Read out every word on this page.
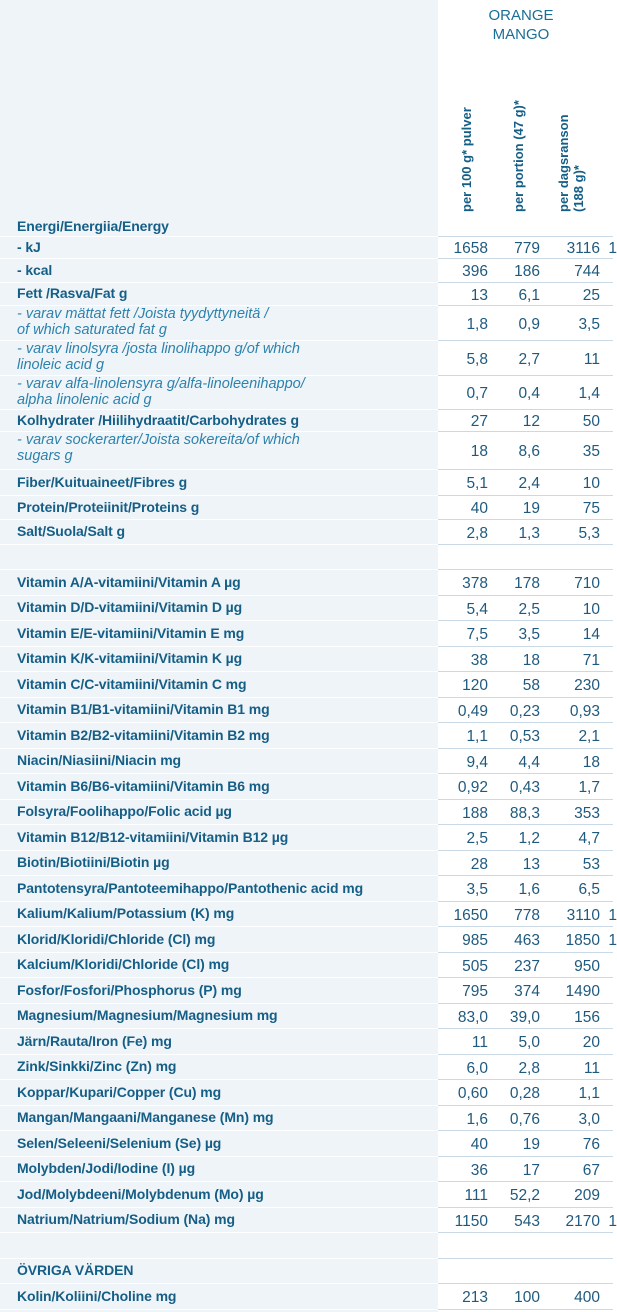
ORANGE
MANGO
per 100 g* pulver	per portion (47 g)* per dagsranson (188 g)*
Energi/Energiia/Energy
- kJ	1658 779 3116 1
- kcal	396 186 744
Fett /Rasva/Fat g	13 6,1	25
- varav mättat fett /Joista tyydyttyneitä /
of which saturated fat g	1,8 0,9 3,5
- varav linolsyra /josta linolihappo g/of which
linoleic acid g	5,8 2,7	11
- varav alfa-linolensyra g/alfa-linoleenihappo/
alpha linolenic acid g	0,7 0,4 1,4
Kolhydrater /Hiilihydraatit/Carbohydrates g	27 12	50
- varav sockerarter/Joista sokereita/of which
sugars g	18 8,6	35
Fiber/Kuituaineet/Fibres g	5,1 2,4	10
Protein/Proteiinit/Proteins g	40 19	75
Salt/Suola/Salt g	2,8 1,3 5,3
Vitamin A/A-vitamiini/Vitamin A µg	378 178 710
Vitamin D/D-vitamiini/Vitamin D µg	5,4 2,5	10
Vitamin E/E-vitamiini/Vitamin E mg	7,5 3,5	14
Vitamin K/K-vitamiini/Vitamin K µg	38 18	71
Vitamin C/C-vitamiini/Vitamin C mg	120 58 230
Vitamin B1/B1-vitamiini/Vitamin B1 mg	0,49 0,23 0,93
Vitamin B2/B2-vitamiini/Vitamin B2 mg	1,1 0,53 2,1
Niacin/Niasiini/Niacin mg	9,4 4,4	18
Vitamin B6/B6-vitamiini/Vitamin B6 mg	0,92 0,43 1,7
Folsyra/Foolihappo/Folic acid µg	188 88,3 353
Vitamin B12/B12-vitamiini/Vitamin B12 µg	2,5 1,2 4,7
Biotin/Biotiini/Biotin µg	28 13	53
Pantotensyra/Pantoteemihappo/Pantothenic acid mg	3,5 1,6 6,5
Kalium/Kalium/Potassium (K) mg	1650 778 3110 1
Klorid/Kloridi/Chloride (Cl) mg	985 463 1850 1
Kalcium/Kloridi/Chloride (Cl) mg	505 237 950
Fosfor/Fosfori/Phosphorus (P) mg	795 374 1490
Magnesium/Magnesium/Magnesium mg	83,0 39,0 156
Järn/Rauta/Iron (Fe) mg	11 5,0	20
Zink/Sinkki/Zinc (Zn) mg	6,0 2,8	11
Koppar/Kupari/Copper (Cu) mg	0,60 0,28 1,1
Mangan/Mangaani/Manganese (Mn) mg	1,6 0,76 3,0
Selen/Seleeni/Selenium (Se) µg	40 19	76
Molybden/Jodi/Iodine (I) µg	36 17	67
Jod/Molybdeeni/Molybdenum (Mo) µg	111 52,2 209
Natrium/Natrium/Sodium (Na) mg	1150 543 2170 1
ÖVRIGA VÄRDEN
Kolin/Koliini/Choline mg	213 100 400
